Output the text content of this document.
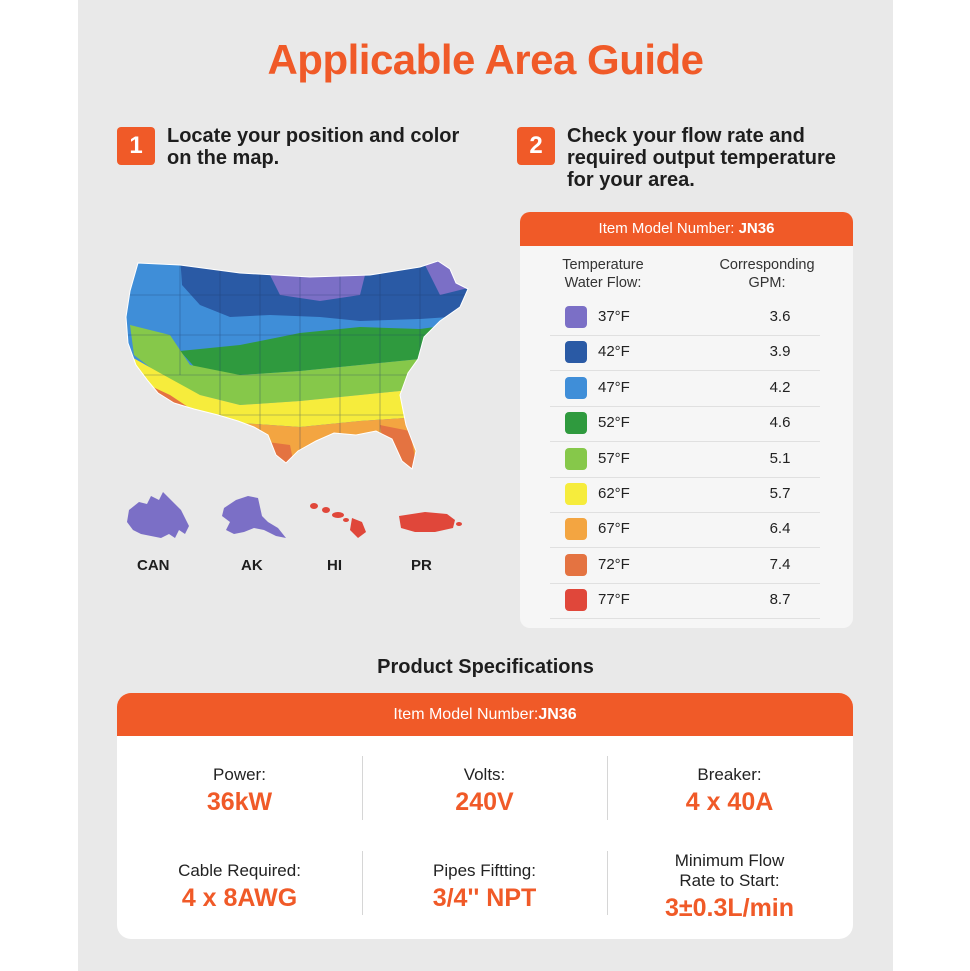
Applicable Area Guide
1	Locate your position and color on the map.	2	Check your flow rate and required output temperature for your area.
CAN	AK	HI	PR
Item Model Number: JN36
Temperature Water Flow:
Corresponding GPM:
37°F	3.6
42°F	3.9
47°F	4.2
52°F	4.6
57°F	5.1
62°F	5.7
67°F	6.4
72°F	7.4
77°F	8.7
Product Specifications
Item Model Number:JN36
Power:
36kW
Volts:
240V
Breaker:
4 x 40A
Cable Required:
4 x 8AWG
Pipes Fiftting:
3/4'' NPT
Minimum Flow Rate to Start:
3±0.3L/min
